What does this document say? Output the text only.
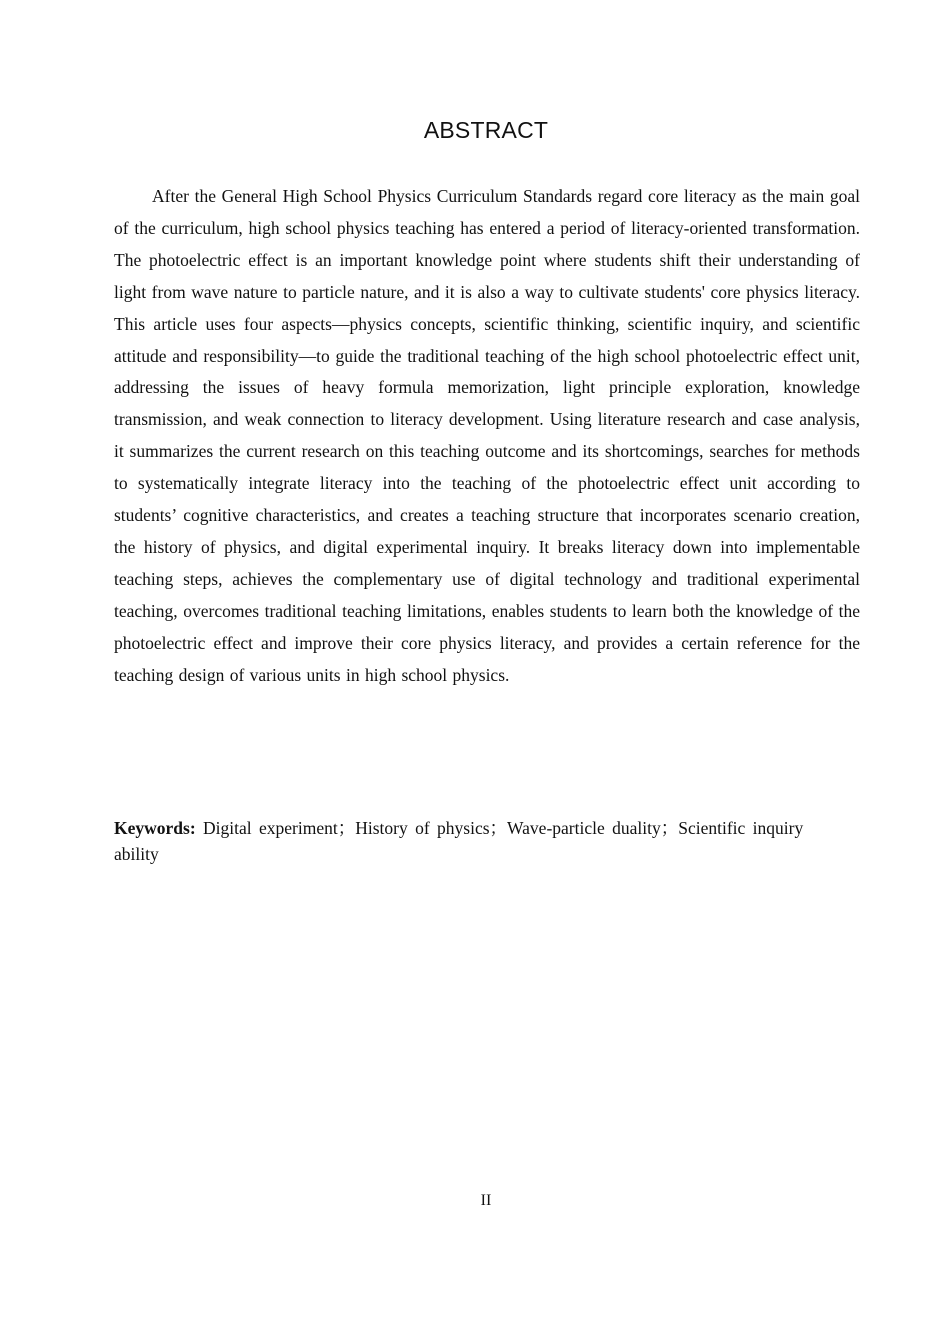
ABSTRACT

After the General High School Physics Curriculum Standards regard core literacy as the main goal of the curriculum, high school physics teaching has entered a period of literacy-oriented transformation. The photoelectric effect is an important knowledge point where students shift their understanding of light from wave nature to particle nature, and it is also a way to cultivate students' core physics literacy. This article uses four aspects—physics concepts, scientific thinking, scientific inquiry, and scientific attitude and responsibility—to guide the traditional teaching of the high school photoelectric effect unit, addressing the issues of heavy formula memorization, light principle exploration, knowledge transmission, and weak connection to literacy development. Using literature research and case analysis, it summarizes the current research on this teaching outcome and its shortcomings, searches for methods to systematically integrate literacy into the teaching of the photoelectric effect unit according to students’ cognitive characteristics, and creates a teaching structure that incorporates scenario creation, the history of physics, and digital experimental inquiry. It breaks literacy down into implementable teaching steps, achieves the complementary use of digital technology and traditional experimental teaching, overcomes traditional teaching limitations, enables students to learn both the knowledge of the photoelectric effect and improve their core physics literacy, and provides a certain reference for the teaching design of various units in high school physics.

Keywords: Digital experiment；History of physics；Wave-particle duality；Scientific inquiry ability

II
